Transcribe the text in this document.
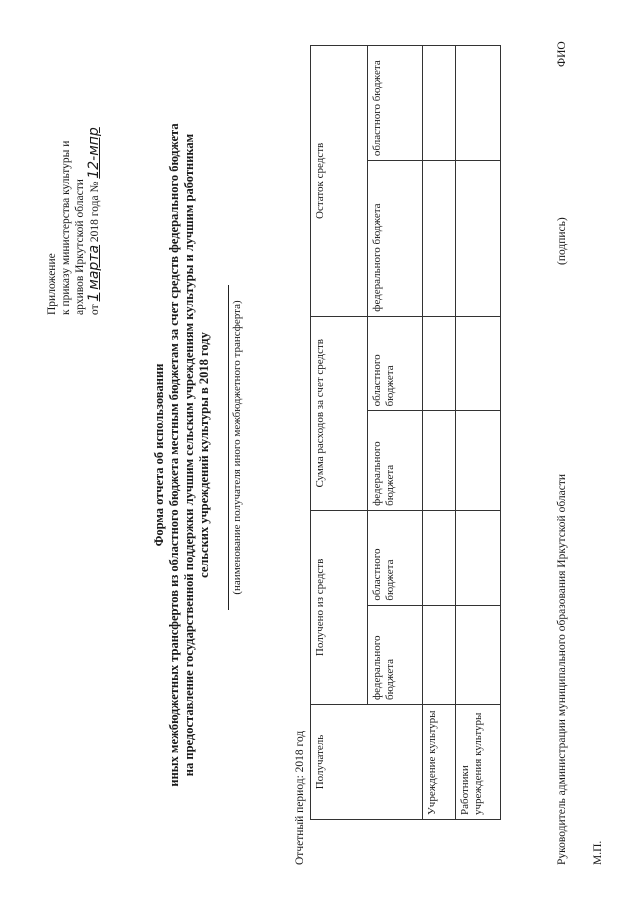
Приложение к приказу министерства культуры и архивов Иркутской области от 1 марта 2018 года № 12-мпр
Форма отчета об использовании иных межбюджетных трансфертов из областного бюджета местным бюджетам за счет средств федерального бюджета на предоставление государственной поддержки лучшим сельским учреждениям культуры и лучшим работникам сельских учреждений культуры в 2018 году (наименование получателя иного межбюджетного трансферта)
Отчетный период: 2018 год Получатель	Получено из средств		Сумма расходов за счет средств		Остаток средств	
	федерального бюджета	областного бюджета	федерального бюджета	областного бюджета	федерального бюджета	областного бюджета
Учреждение культуры						
Работники учреждения культуры							Руководитель администрации муниципального образования Иркутской области
(подпись)
ФИО
М.П.
